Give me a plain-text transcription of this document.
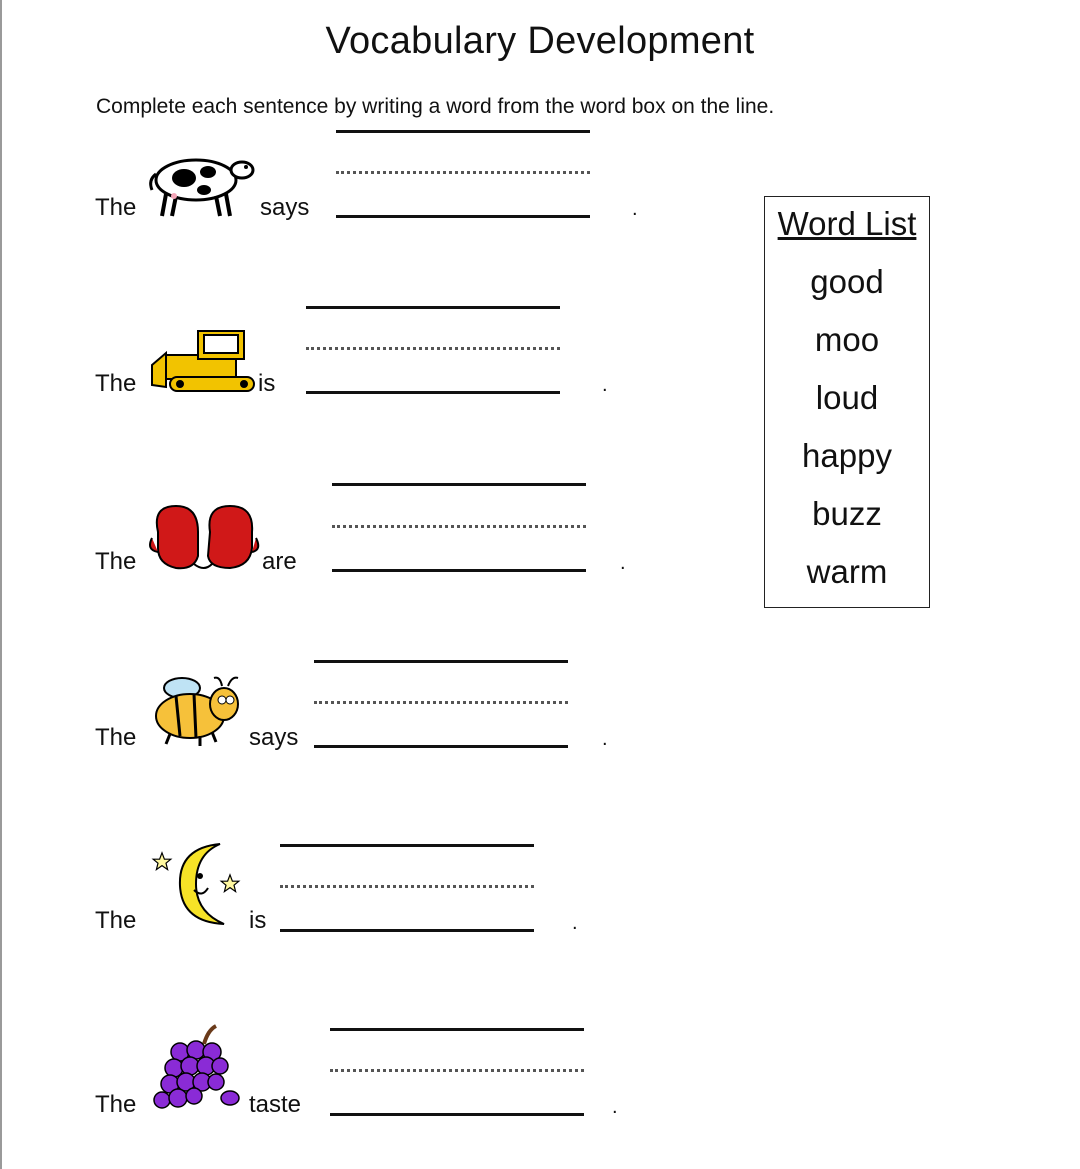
Vocabulary Development
Complete each sentence by writing a word from the word box on the line.
The	says	.
The	is	.
The	are	.
The	says	.
The	is	.
The	taste	.
Word List
good
moo
loud
happy
buzz
warm
